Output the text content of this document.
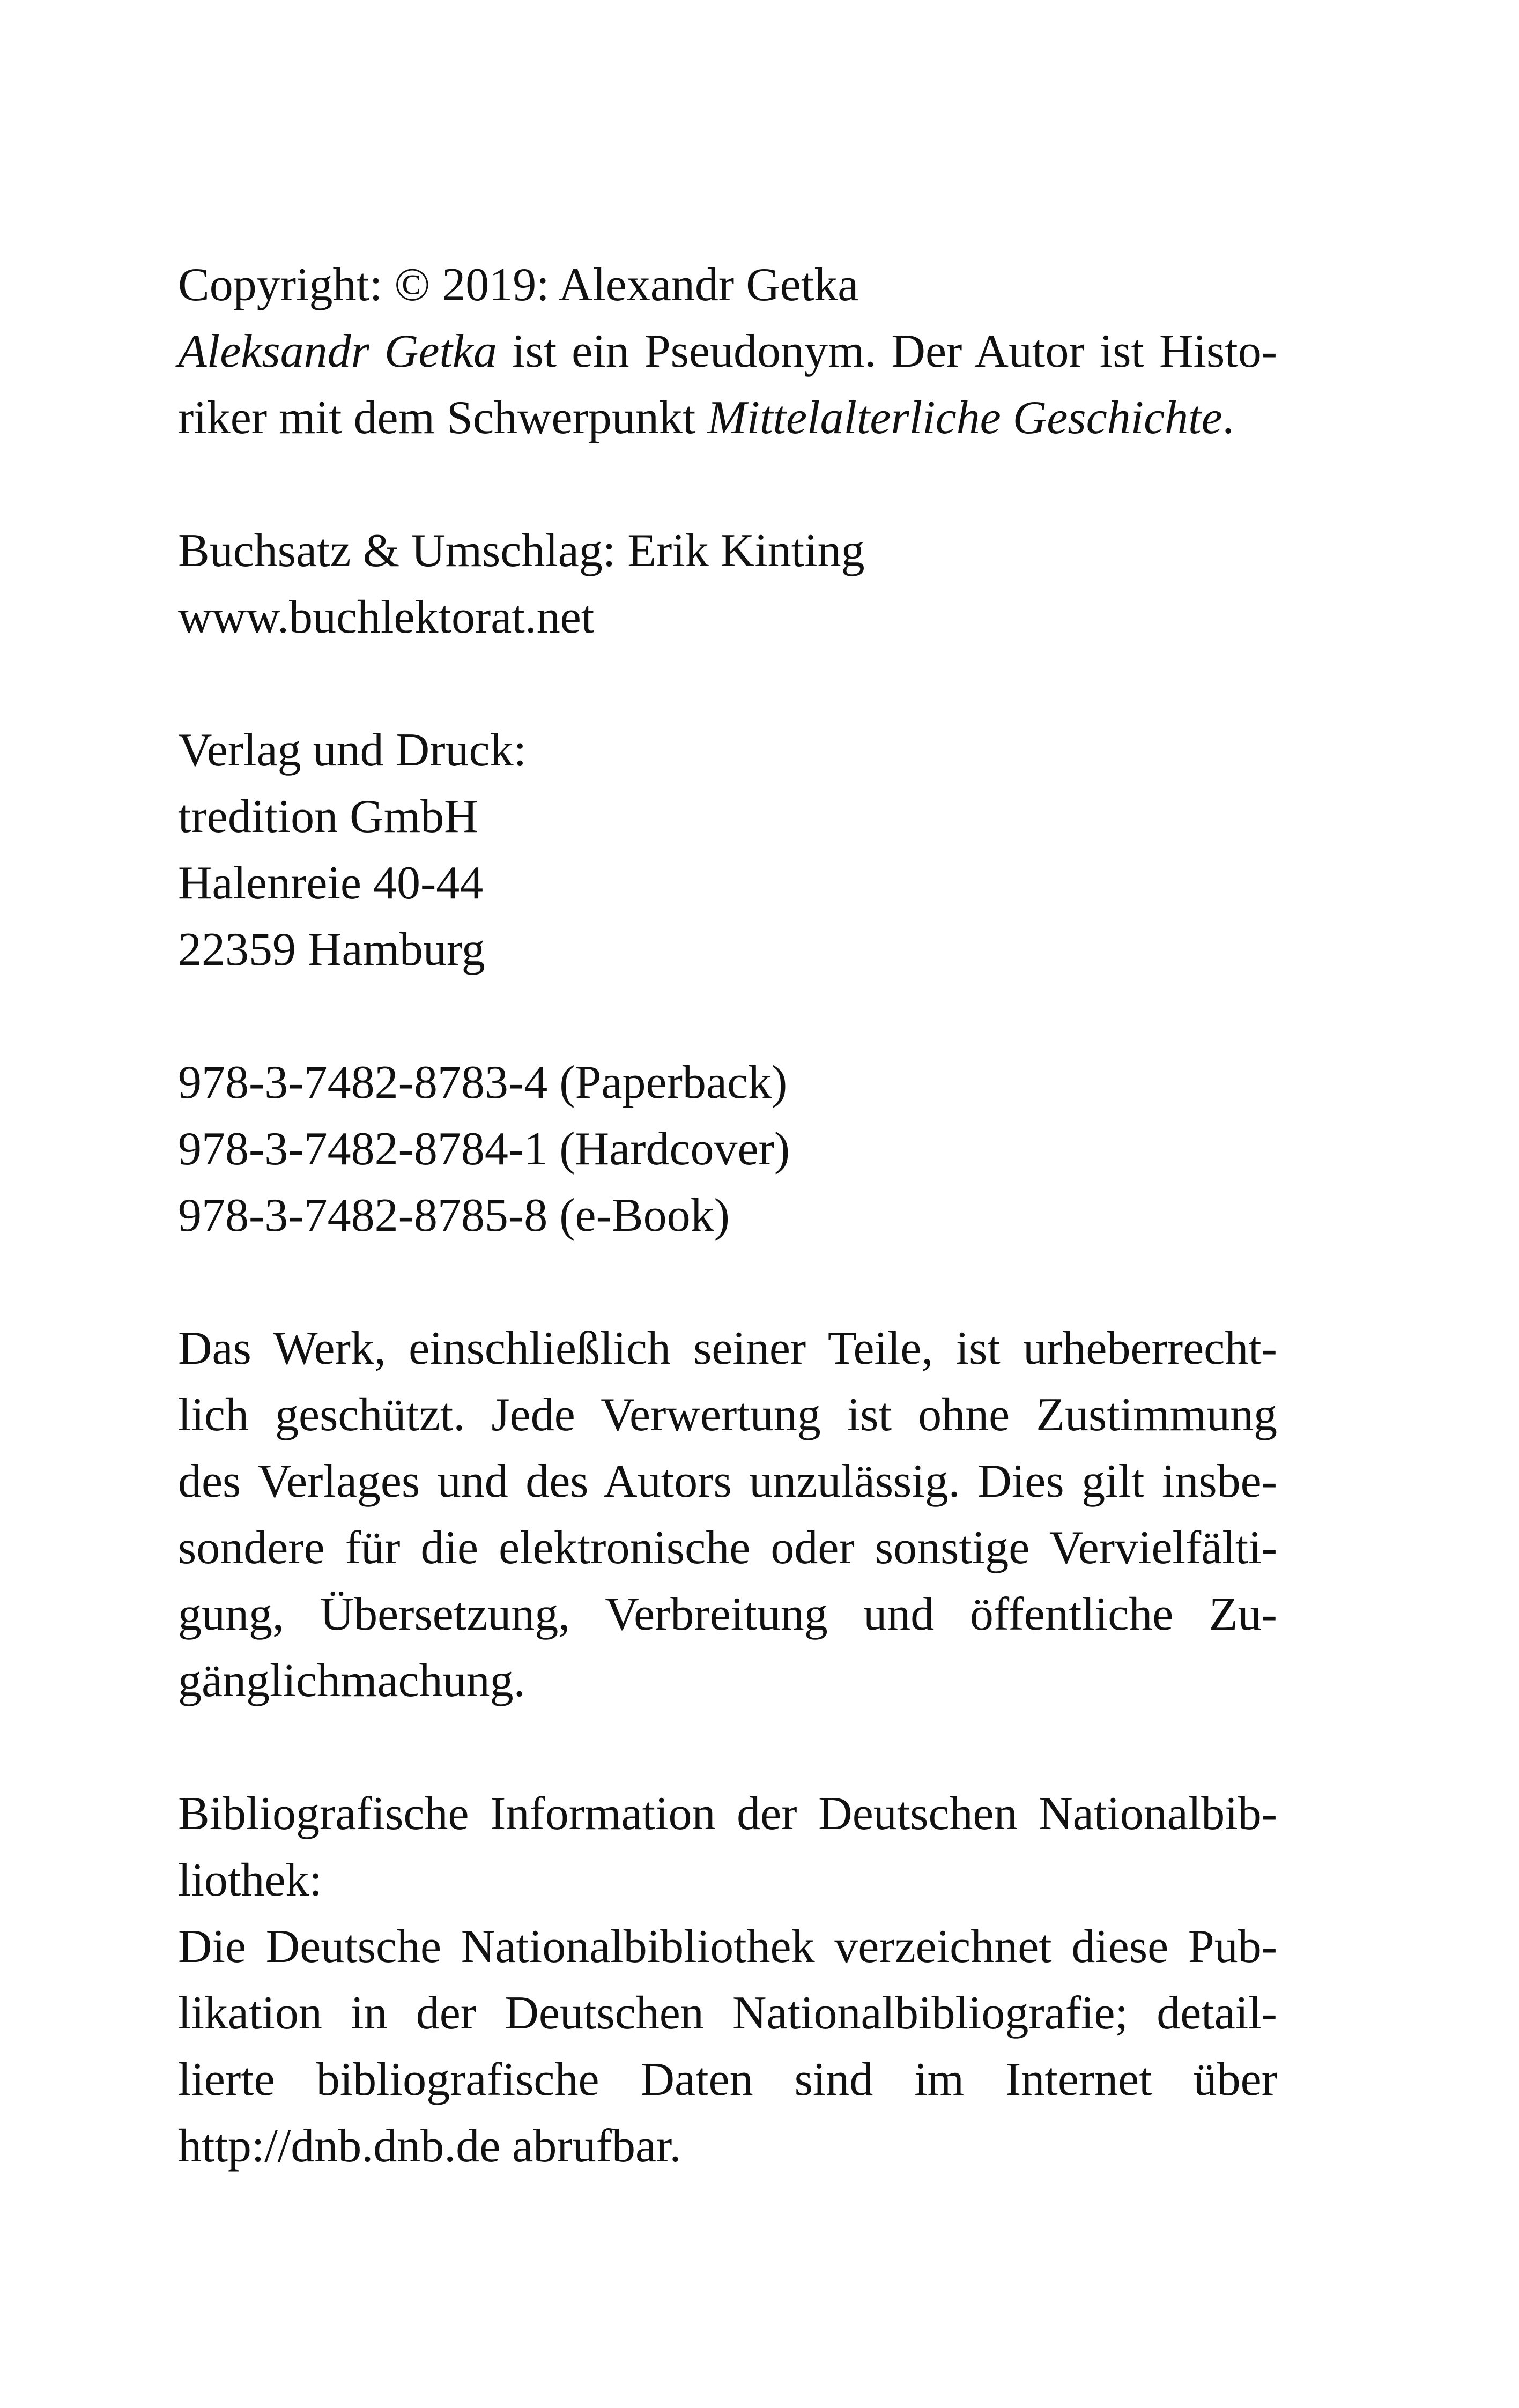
Copyright: © 2019: Alexandr Getka
Aleksandr Getka ist ein Pseudonym. Der Autor ist Histo-
riker mit dem Schwerpunkt Mittelalterliche Geschichte.
Buchsatz & Umschlag: Erik Kinting
www.buchlektorat.net
Verlag und Druck:
tredition GmbH
Halenreie 40-44
22359 Hamburg
978-3-7482-8783-4 (Paperback)
978-3-7482-8784-1 (Hardcover)
978-3-7482-8785-8 (e-Book)
Das Werk, einschließlich seiner Teile, ist urheberrecht-
lich geschützt. Jede Verwertung ist ohne Zustimmung
des Verlages und des Autors unzulässig. Dies gilt insbe-
sondere für die elektronische oder sonstige Vervielfälti-
gung, Übersetzung, Verbreitung und öffentliche Zu-
gänglichmachung.
Bibliografische Information der Deutschen Nationalbib-
liothek:
Die Deutsche Nationalbibliothek verzeichnet diese Pub-
likation in der Deutschen Nationalbibliografie; detail-
lierte bibliografische Daten sind im Internet über
http://dnb.dnb.de abrufbar.
